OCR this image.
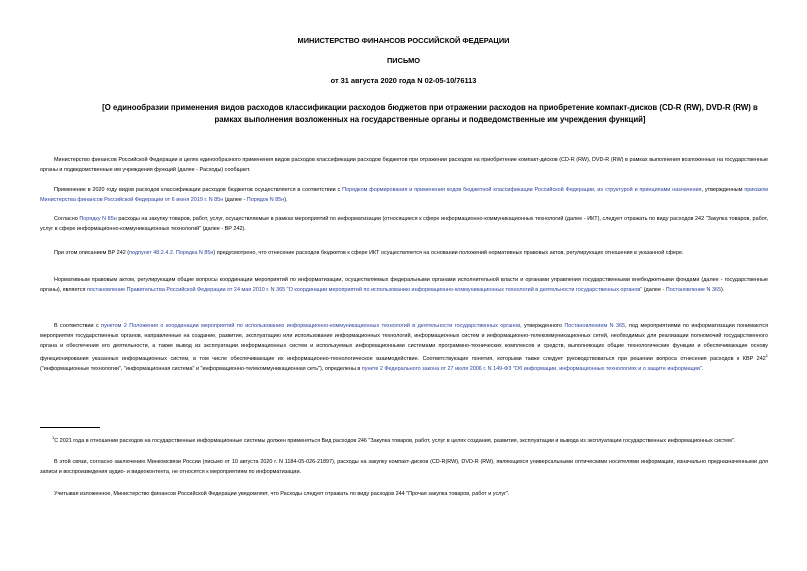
МИНИСТЕРСТВО ФИНАНСОВ РОССИЙСКОЙ ФЕДЕРАЦИИ
ПИСЬМО
от 31 августа 2020 года N 02-05-10/76113
[О единообразии применения видов расходов классификации расходов бюджетов при отражении расходов на приобретение компакт-дисков (CD-R (RW), DVD-R (RW) в рамках выполнения возложенных на государственные органы и подведомственные им учреждения функций]
Министерство финансов Российской Федерации в целях единообразного применения видов расходов классификации расходов бюджетов при отражении расходов на приобретение компакт-дисков (CD-R (RW), DVD-R (RW) в рамках выполнения возложенных на государственные органы и подведомственные им учреждения функций (далее - Расходы) сообщает.
Применение в 2020 году видов расходов классификации расходов бюджетов осуществляется в соответствии с Порядком формирования и применения кодов бюджетной классификации Российской Федерации, их структурой и принципами назначения, утвержденным приказом Министерства финансов Российской Федерации от 6 июня 2019 г. N 85н (далее - Порядок N 85н).
Согласно Порядку N 85н расходы на закупку товаров, работ, услуг, осуществляемые в рамках мероприятий по информатизации (относящиеся к сфере информационно-коммуникационных технологий (далее - ИКТ), следует отражать по виду расходов 242 "Закупка товаров, работ, услуг в сфере информационно-коммуникационных технологий" (далее - ВР 242).
При этом описанием ВР 242 (подпункт 48.2.4.2. Порядка N 85н) предусмотрено, что отнесение расходов бюджетов к сфере ИКТ осуществляется на основании положений нормативных правовых актов, регулирующих отношения в указанной сфере.
Нормативным правовым актом, регулирующим общие вопросы координации мероприятий по информатизации, осуществляемых федеральными органами исполнительной власти и органами управления государственными внебюджетными фондами (далее - государственные органы), является постановление Правительства Российской Федерации от 24 мая 2010 г. N 365 "О координации мероприятий по использованию информационно-коммуникационных технологий в деятельности государственных органов" (далее - Постановление N 365).
В соответствии с пунктом 2 Положения о координации мероприятий по использованию информационно-коммуникационных технологий в деятельности государственных органов, утвержденного Постановлением N 365, под мероприятиями по информатизации понимаются мероприятия государственных органов, направленные на создание, развитие, эксплуатацию или использование информационных технологий, информационных систем и информационно-телекоммуникационных сетей, необходимых для реализации полномочий государственного органа и обеспечения его деятельности, а также вывод из эксплуатации информационных систем и используемых информационными системами программно-технических комплексов и средств, выполняющих общие технологические функции и обеспечивающие основу функционирования указанных информационных систем, в том числе обеспечивающие их информационно-технологическое взаимодействие. Соответствующие понятия, которыми также следует руководствоваться при решении вопроса отнесения расходов к КВР $242^1$ ("информационные технологии", "информационная система" и "информационно-телекоммуникационная сеть"), определены в пункте 2 Федерального закона от 27 июля 2006 г. N 149-ФЗ "Об информации, информационных технологиях и о защите информации".
$^1$С 2021 года в отношении расходов на государственные информационные системы должен применяться Вид расходов 246 "Закупка товаров, работ, услуг в целях создания, развития, эксплуатации и вывода из эксплуатации государственных информационных систем".
В этой связи, согласно заключению Минкомсвязи России (письмо от 10 августа 2020 г. N 1184-05-026-21897), расходы на закупку компакт-дисков (CD-R(RW), DVD-R (RW), являющихся универсальными оптическими носителями информации, изначально предназначенными для записи и воспроизведения аудио- и видеоконтента, не относятся к мероприятиям по информатизации.
Учитывая изложенное, Министерство финансов Российской Федерации уведомляет, что Расходы следует отражать по виду расходов 244 "Прочая закупка товаров, работ и услуг".
